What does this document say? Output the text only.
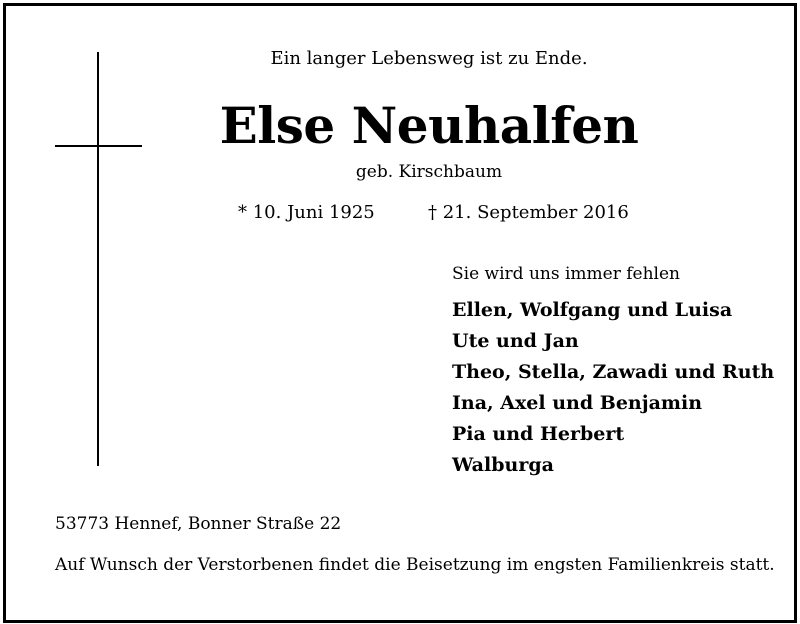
Ein langer Lebensweg ist zu Ende.
Else Neuhalfen
geb. Kirschbaum
* 10. Juni 1925	† 21. September 2016
Sie wird uns immer fehlen
Ellen, Wolfgang und Luisa
Ute und Jan
Theo, Stella, Zawadi und Ruth
Ina, Axel und Benjamin
Pia und Herbert
Walburga
53773 Hennef, Bonner Straße 22
Auf Wunsch der Verstorbenen findet die Beisetzung im engsten Familienkreis statt.
